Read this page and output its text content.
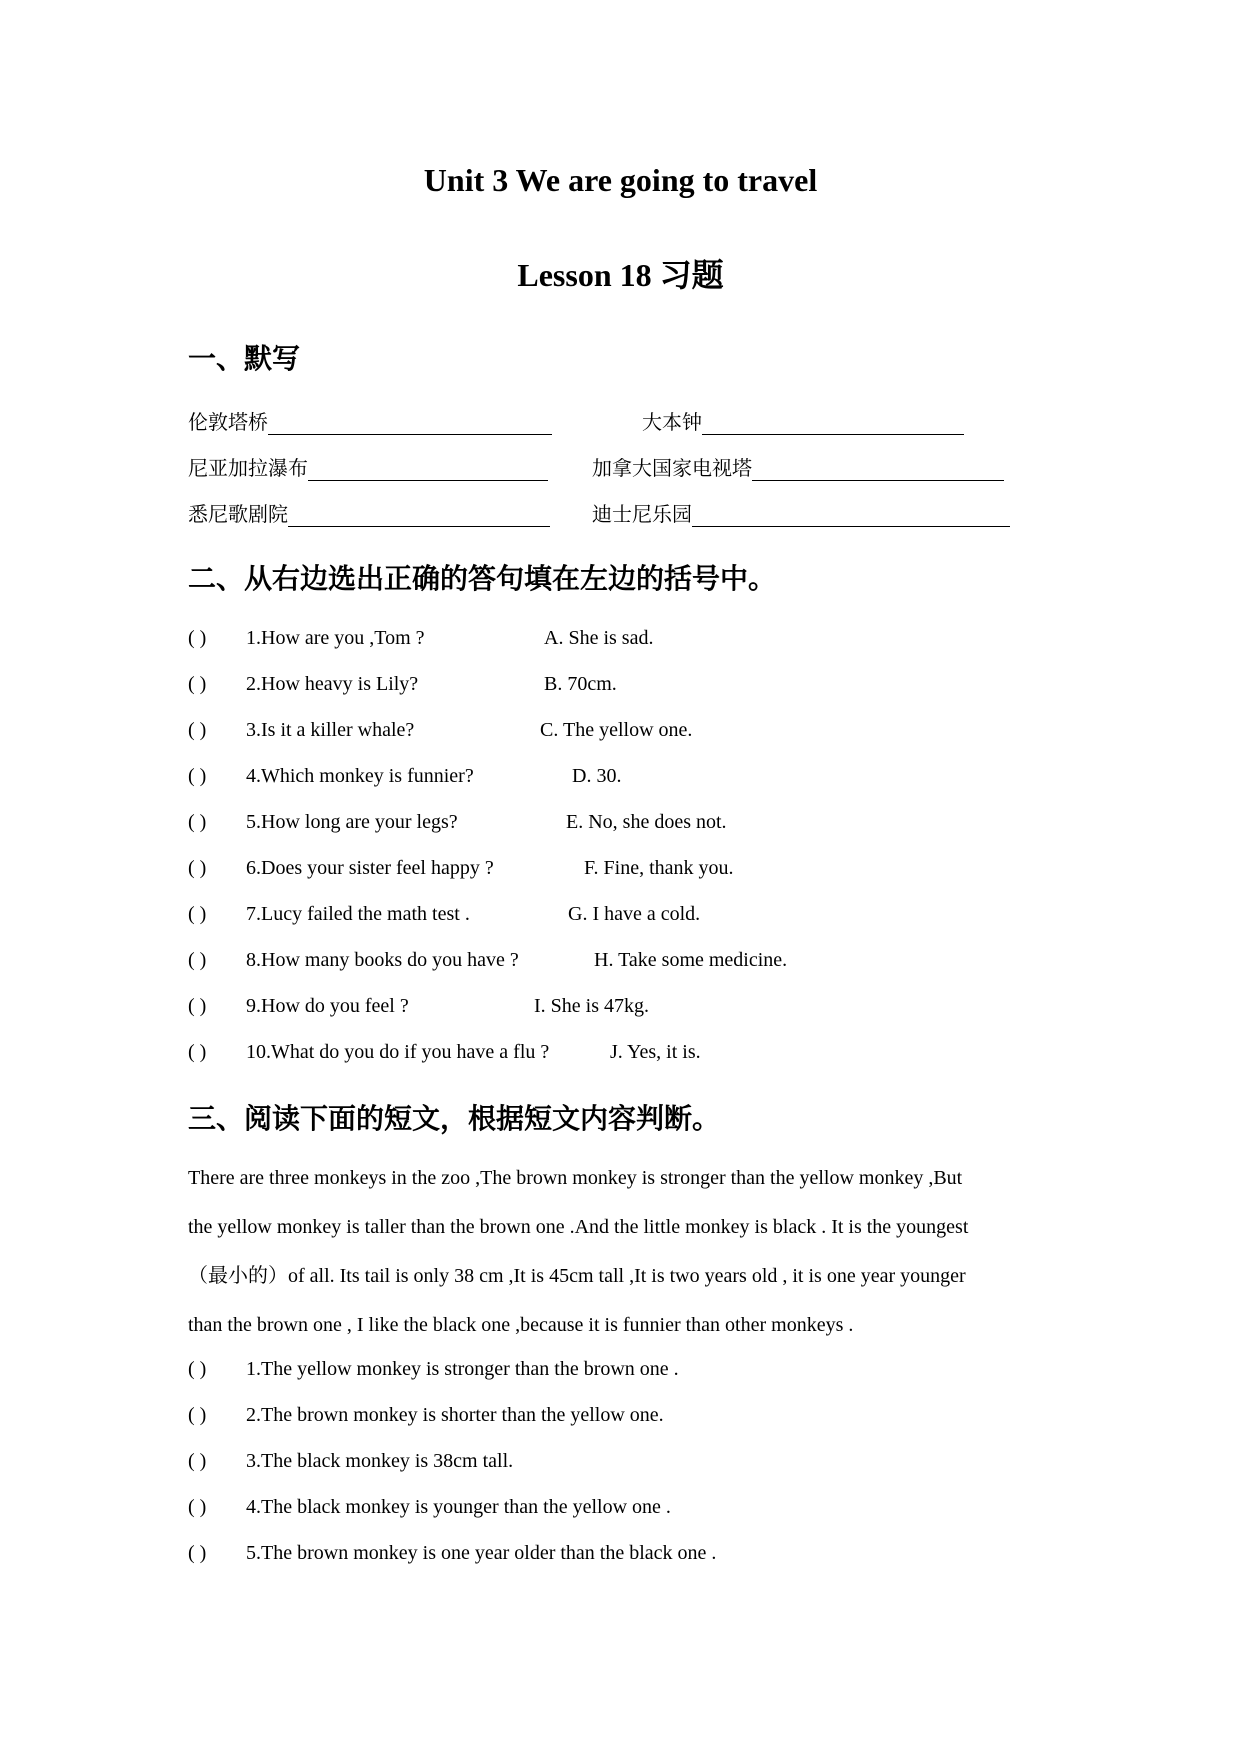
Unit 3 We are going to travel
Lesson 18 习题
一、默写
伦敦塔桥	大本钟
尼亚加拉瀑布	加拿大国家电视塔
悉尼歌剧院	迪士尼乐园
二、从右边选出正确的答句填在左边的括号中。
( ) 1.How are you ,Tom ?	A. She is sad.
( ) 2.How heavy is Lily?	B. 70cm.
( ) 3.Is it a killer whale?	C. The yellow one.
( ) 4.Which monkey is funnier?	D. 30.
( ) 5.How long are your legs?	E. No, she does not.
( ) 6.Does your sister feel happy ?	F. Fine, thank you.
( ) 7.Lucy failed the math test .	G. I have a cold.
( ) 8.How many books do you have ?	H. Take some medicine.
( ) 9.How do you feel ?	I. She is 47kg.
( ) 10.What do you do if you have a flu ?	J. Yes, it is.
三、阅读下面的短文，根据短文内容判断。
There are three monkeys in the zoo ,The brown monkey is stronger than the yellow monkey ,But
the yellow monkey is taller than the brown one .And the little monkey is black . It is the youngest
（最小的）of all. Its tail is only 38 cm ,It is 45cm tall ,It is two years old , it is one year younger
than the brown one , I like the black one ,because it is funnier than other monkeys .
( ) 1.The yellow monkey is stronger than the brown one .
( ) 2.The brown monkey is shorter than the yellow one.
( ) 3.The black monkey is 38cm tall.
( ) 4.The black monkey is younger than the yellow one .
( ) 5.The brown monkey is one year older than the black one .
